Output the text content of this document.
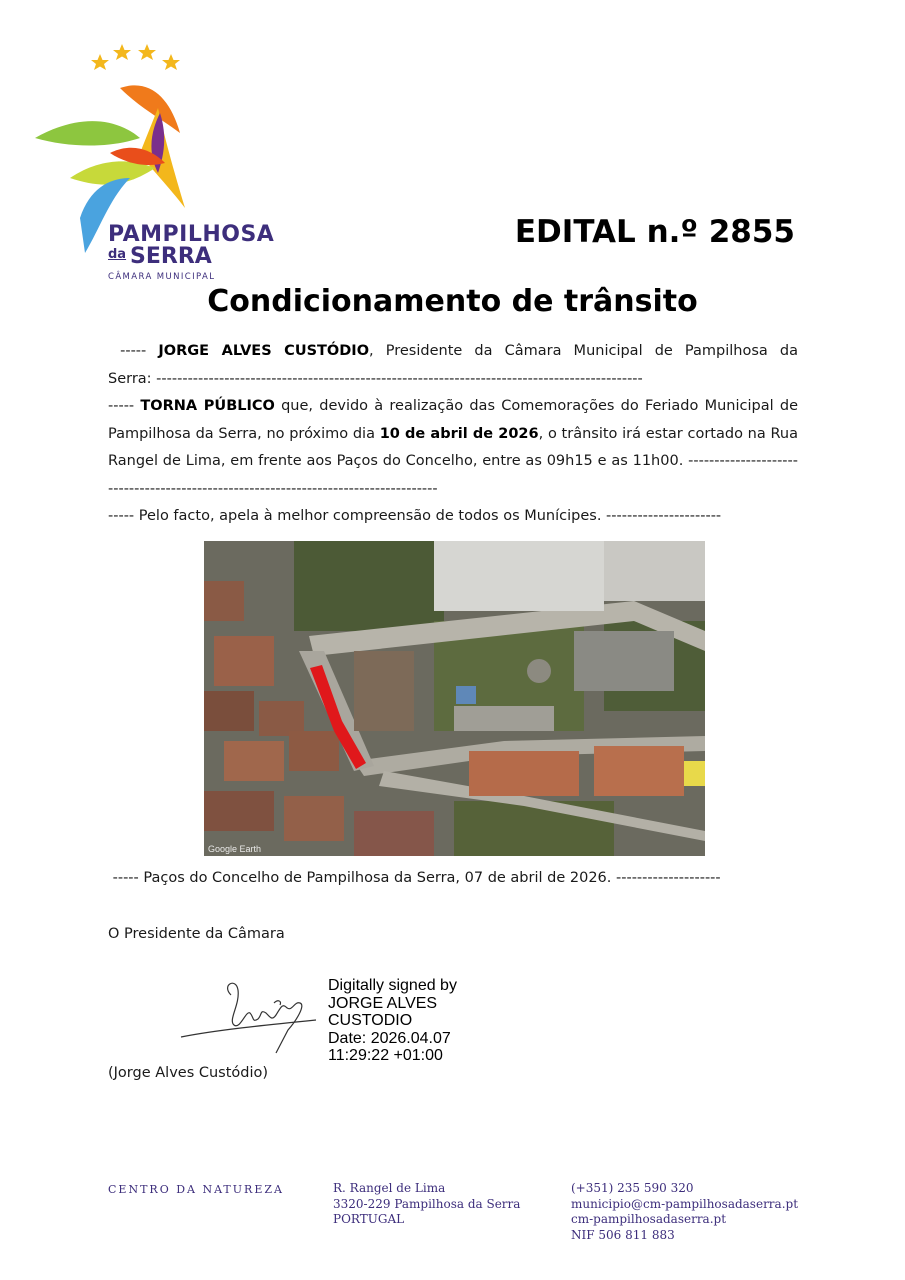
PAMPILHOSA
da SERRA
CÂMARA MUNICIPAL
EDITAL n.º 2855
Condicionamento de trânsito
----- JORGE ALVES CUSTÓDIO, Presidente da Câmara Municipal de Pampilhosa da
Serra: ---------------------------------------------------------------------------------------------
----- TORNA PÚBLICO que, devido à realização das Comemorações do Feriado Municipal de Pampilhosa da Serra, no próximo dia 10 de abril de 2026, o trânsito irá estar cortado na Rua Rangel de Lima, em frente aos Paços do Concelho, entre as 09h15 e as 11h00. ------------------------------------------------------------------------------------
----- Pelo facto, apela à melhor compreensão de todos os Munícipes. ----------------------
Google Earth
----- Paços do Concelho de Pampilhosa da Serra, 07 de abril de 2026. --------------------
O Presidente da Câmara
Digitally signed by
JORGE ALVES
CUSTODIO
Date: 2026.04.07
11:29:22 +01:00
(Jorge Alves Custódio)
CENTRO DA NATUREZA	R. Rangel de Lima
3320-229 Pampilhosa da Serra
PORTUGAL
(+351) 235 590 320
municipio@cm-pampilhosadaserra.pt
cm-pampilhosadaserra.pt
NIF 506 811 883
